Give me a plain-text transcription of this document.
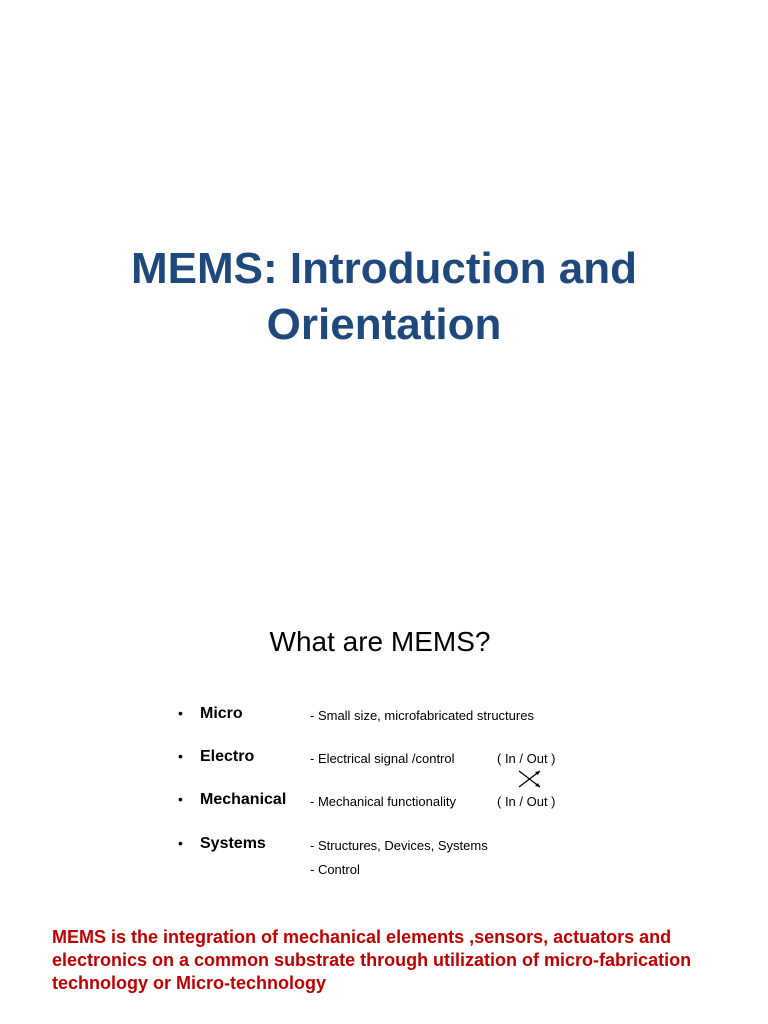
MEMS: Introduction and
Orientation
What are MEMS?
• Micro	- Small size, microfabricated structures
• Electro	- Electrical signal /control	( In / Out )
• Mechanical - Mechanical functionality	( In / Out )
• Systems	- Structures, Devices, Systems
- Control

MEMS is the integration of mechanical elements ,sensors, actuators and electronics on a common substrate through utilization of micro-fabrication technology or Micro-technology
